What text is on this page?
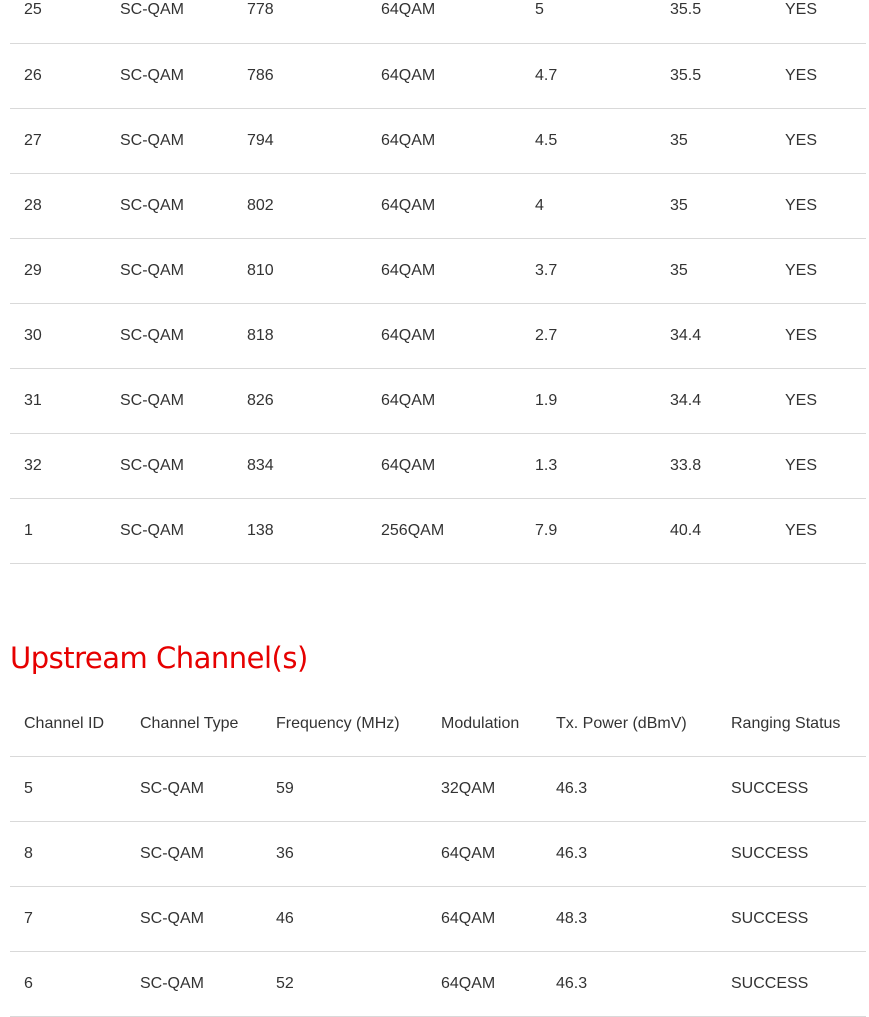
25	SC-QAM	778	64QAM	5	35.5	YES
26	SC-QAM	786	64QAM	4.7	35.5	YES
27	SC-QAM	794	64QAM	4.5	35	YES
28	SC-QAM	802	64QAM	4	35	YES
29	SC-QAM	810	64QAM	3.7	35	YES
30	SC-QAM	818	64QAM	2.7	34.4	YES
31	SC-QAM	826	64QAM	1.9	34.4	YES
32	SC-QAM	834	64QAM	1.3	33.8	YES
1	SC-QAM	138	256QAM	7.9	40.4	YES
Upstream Channel(s)
Channel ID	Channel Type	Frequency (MHz)	Modulation	Tx. Power (dBmV)	Ranging Status
5	SC-QAM	59	32QAM	46.3	SUCCESS
8	SC-QAM	36	64QAM	46.3	SUCCESS
7	SC-QAM	46	64QAM	48.3	SUCCESS
6	SC-QAM	52	64QAM	46.3	SUCCESS
